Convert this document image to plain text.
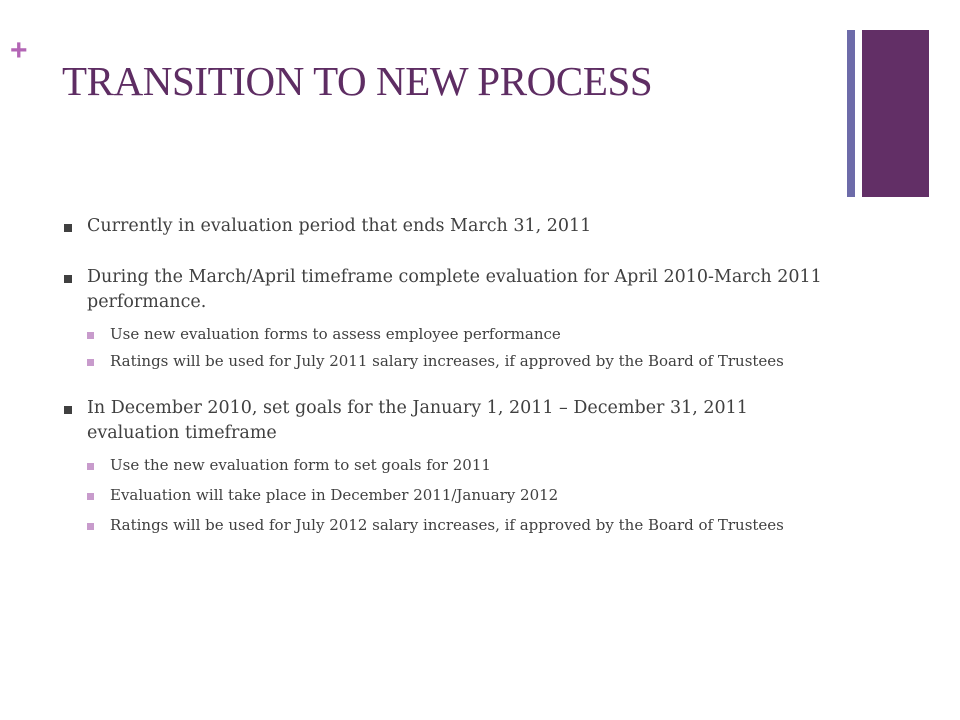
+
TRANSITION TO NEW PROCESS
Currently in evaluation period that ends March 31, 2011
During the March/April timeframe complete evaluation for April 2010-March 2011 performance.
Use new evaluation forms to assess employee performance
Ratings will be used for July 2011 salary increases, if approved by the Board of Trustees
In December 2010, set goals for the January 1, 2011 – December 31, 2011 evaluation timeframe
Use the new evaluation form to set goals for 2011
Evaluation will take place in December 2011/January 2012
Ratings will be used for July 2012 salary increases, if approved by the Board of Trustees
